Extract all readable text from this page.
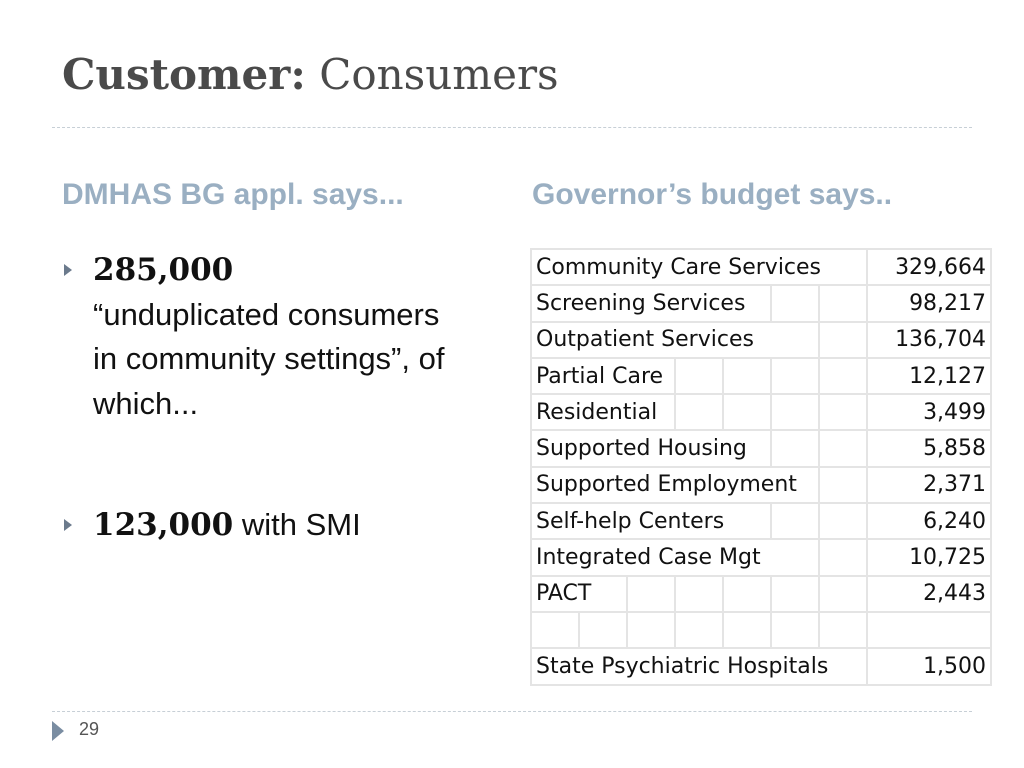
Customer: Consumers
DMHAS BG appl. says...	Governor’s budget says..
285,000
“unduplicated consumers in community settings”, of which...
123,000 with SMI
Community Care Services							329,664
Screening Services							98,217
Outpatient Services							136,704
Partial Care							12,127
Residential							3,499
Supported Housing							5,858
Supported Employment							2,371
Self-help Centers							6,240
Integrated Case Mgt							10,725
PACT							2,443

State Psychiatric Hospitals							1,500
29
